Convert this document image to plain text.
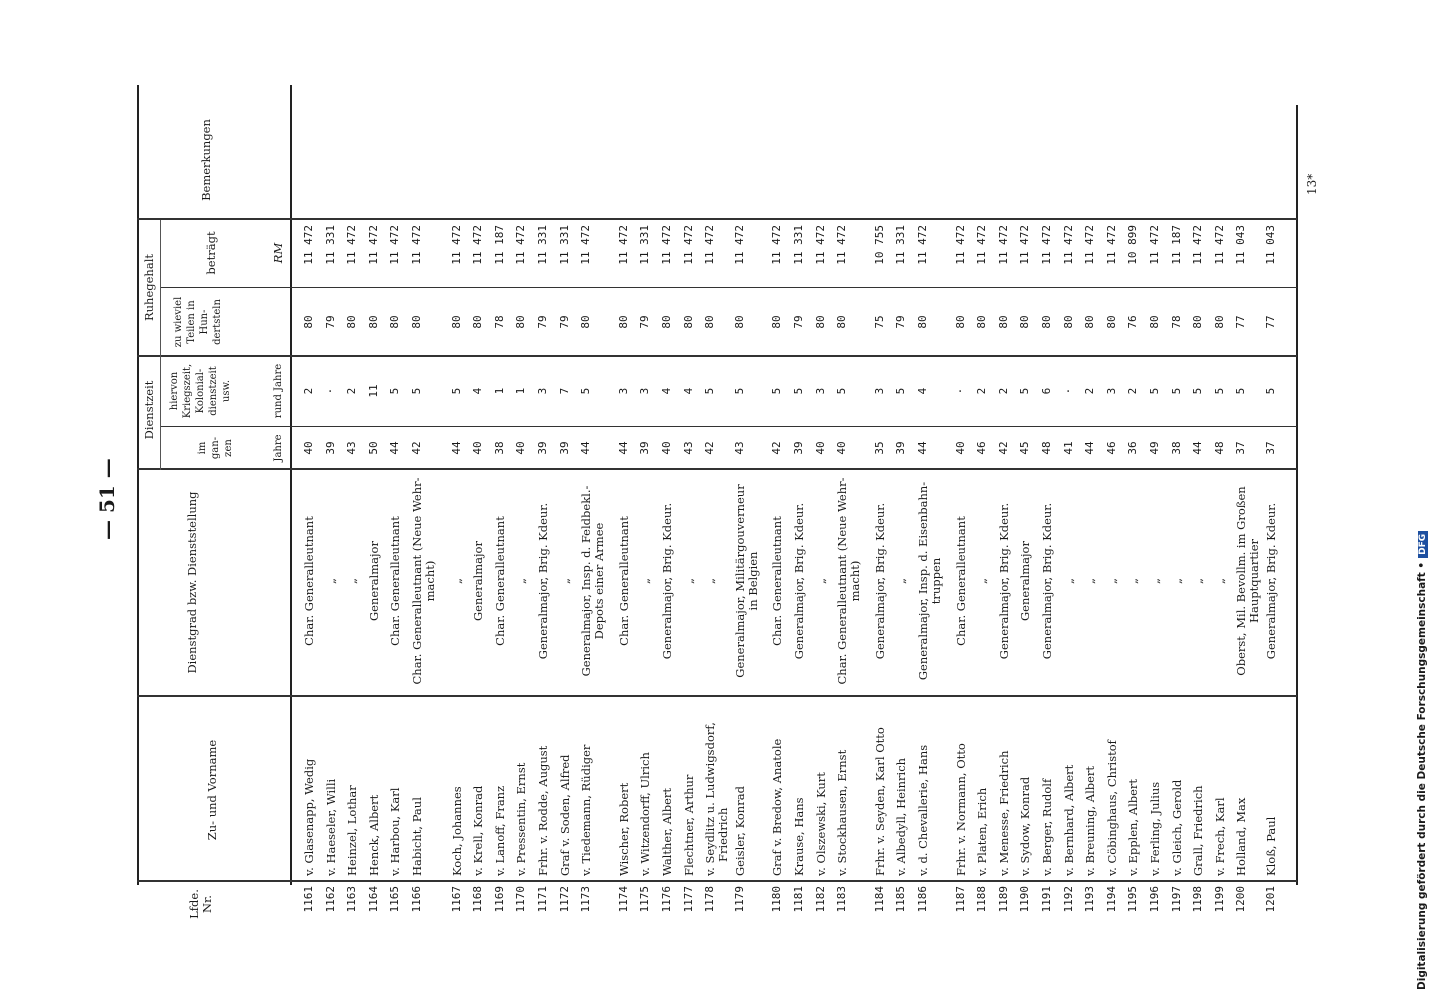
— 51 —
Lfde. Nr.
Zu- und Vorname
Dienstgrad bzw. Dienststellung
Dienstzeit
im gan- zen
hiervon Kriegszeit, Kolonial- dienstzeit usw.
Jahre
rund Jahre
Ruhegehalt
zu wieviel Teilen in Hun- dertsteln
beträgt	RM
Bemerkungen
1161
v. Glasenapp, Wedig
Char. Generalleutnant
40
2
80
11 472
1162
v. Haeseler, Willi
„
39
·
79
11 331
1163
Heinzel, Lothar
„
43
2
80
11 472
1164
Henck, Albert
Generalmajor
50
11
80
11 472
1165
v. Harbou, Karl
Char. Generalleutnant
44
5
80
11 472
1166
Habicht, Paul
Char. Generalleutnant (Neue Wehr- macht)
42
5
80
11 472
1167
Koch, Johannes
„
44
5
80
11 472
1168
v. Krell, Konrad
Generalmajor
40
4
80
11 472
1169
v. Lanoff, Franz
Char. Generalleutnant
38
1
78
11 187
1170
v. Pressentin, Ernst
„
40
1
80
11 472
1171
Frhr. v. Rodde, August
Generalmajor, Brig. Kdeur.
39
3
79
11 331
1172
Graf v. Soden, Alfred
„
39
7
79
11 331
1173
v. Tiedemann, Rüdiger
Generalmajor, Insp. d. Feldbekl.- Depots einer Armee
44
5
80
11 472
1174
Wischer, Robert
Char. Generalleutnant
44
3
80
11 472
1175
v. Witzendorff, Ulrich
„
39
3
79
11 331
1176
Walther, Albert
Generalmajor, Brig. Kdeur.
40
4
80
11 472
1177
Flechtner, Arthur
„
43
4
80
11 472
1178
v. Seydlitz u. Ludwigsdorf, Friedrich
„
42
5
80
11 472
1179
Geisler, Konrad
Generalmajor, Militärgouverneur in Belgien
43
5
80
11 472
1180
Graf v. Bredow, Anatole
Char. Generalleutnant
42
5
80
11 472
1181
Krause, Hans
Generalmajor, Brig. Kdeur.
39
5
79
11 331
1182
v. Olszewski, Kurt
„
40
3
80
11 472
1183
v. Stockhausen, Ernst
Char. Generalleutnant (Neue Wehr- macht)
40
5
80
11 472
1184
Frhr. v. Seyden, Karl Otto
Generalmajor, Brig. Kdeur.
35
3
75
10 755
1185
v. Albedyll, Heinrich
„
39
5
79
11 331
1186
v. d. Chevallerie, Hans
Generalmajor, Insp. d. Eisenbahn- truppen
44
4
80
11 472
1187
Frhr. v. Normann, Otto
Char. Generalleutnant
40
·
80
11 472
1188
v. Platen, Erich
„
46
2
80
11 472
1189
v. Menesse, Friedrich
Generalmajor, Brig. Kdeur.
42
2
80
11 472
1190
v. Sydow, Konrad
Generalmajor
45
5
80
11 472
1191
v. Berger, Rudolf
Generalmajor, Brig. Kdeur.
48
6
80
11 472
1192
v. Bernhard, Albert
„
41
·
80
11 472
1193
v. Breuning, Albert
„
44
2
80
11 472
1194
v. Cöbinghaus, Christof
„
46
3
80
11 472
1195
v. Epplen, Albert
„
36
2
76
10 899
1196
v. Ferling, Julius
„
49
5
80
11 472
1197
v. Gleich, Gerold
„
38
5
78
11 187
1198
Grall, Friedrich
„
44
5
80
11 472
1199
v. Frech, Karl
„
48
5
80
11 472
1200
Holland, Max
Oberst, Mil. Bevollm. im Großen Hauptquartier
37
5
77
11 043
1201
Kloß, Paul
Generalmajor, Brig. Kdeur.
37
5
77
11 043
13*
Digitalisierung gefördert durch die Deutsche Forschungsgemeinschaft •DFG
